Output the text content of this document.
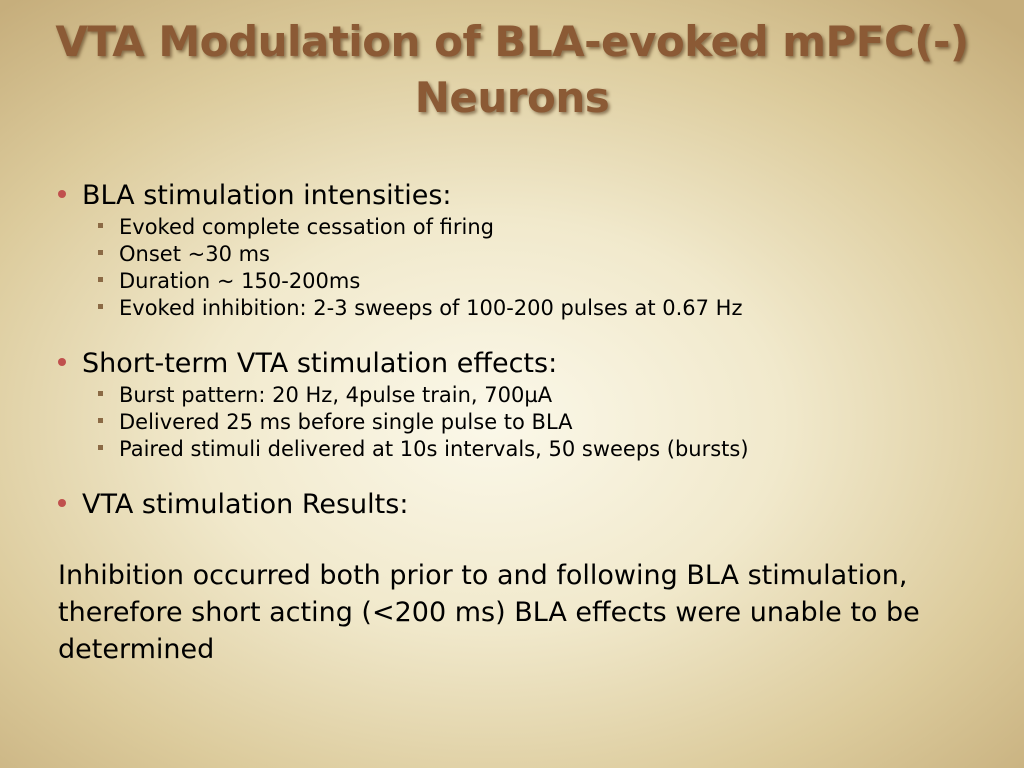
VTA Modulation of BLA-evoked mPFC(-) Neurons
BLA stimulation intensities:
Evoked complete cessation of firing
Onset ~30 ms
Duration ~ 150-200ms
Evoked inhibition: 2-3 sweeps of 100-200 pulses at 0.67 Hz
Short-term VTA stimulation effects:
Burst pattern: 20 Hz, 4pulse train, 700µA
Delivered 25 ms before single pulse to BLA
Paired stimuli delivered at 10s intervals, 50 sweeps (bursts)
VTA stimulation Results:
Inhibition occurred both prior to and following BLA stimulation, therefore short acting (<200 ms) BLA effects were unable to be determined
